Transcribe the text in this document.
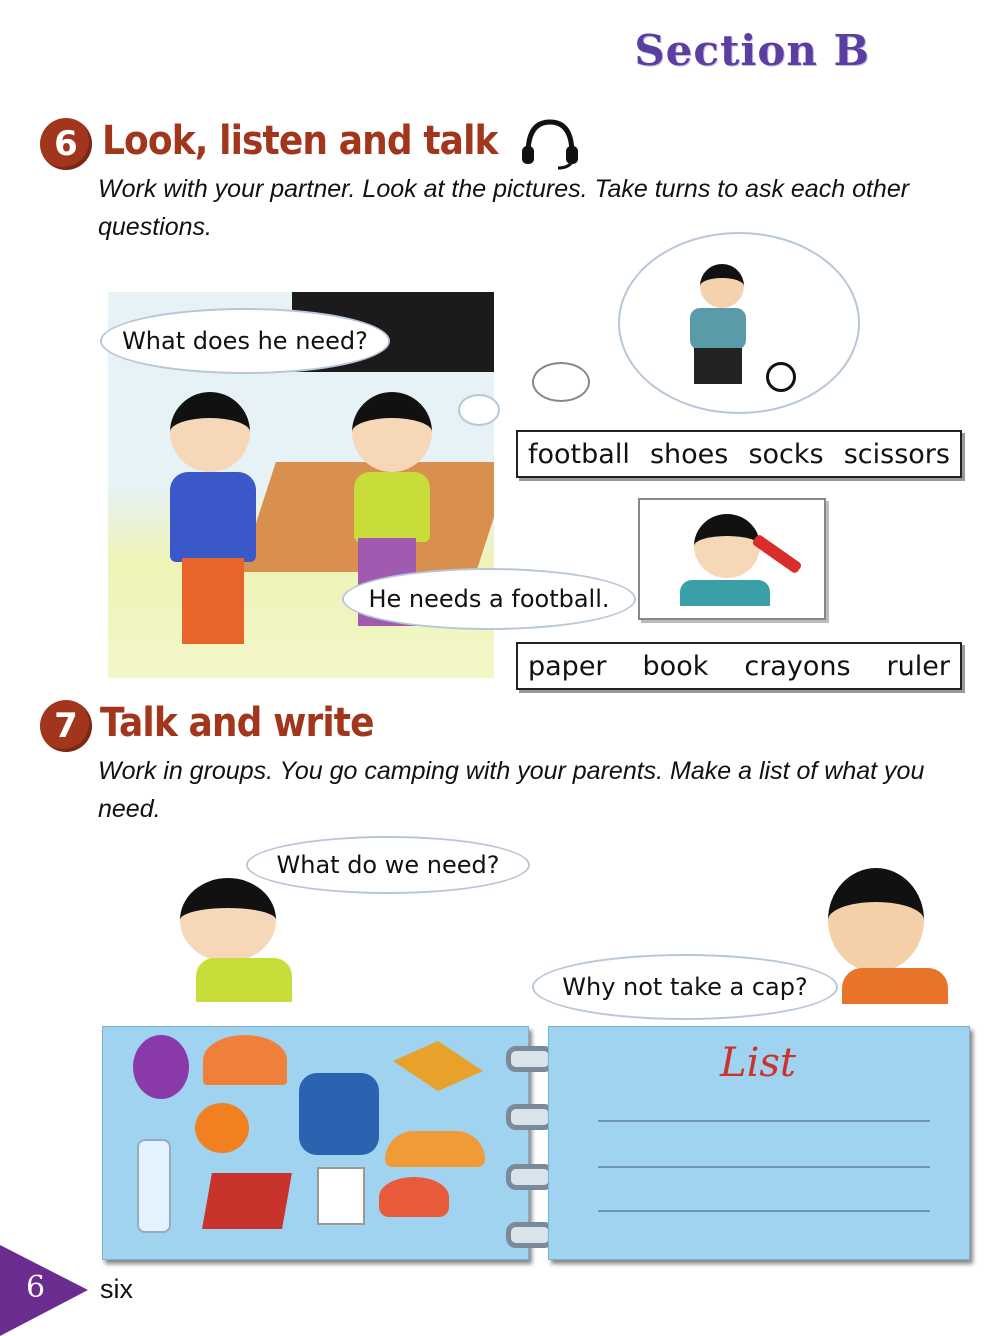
Section B
6 Look, listen and talk
Work with your partner. Look at the pictures. Take turns to ask each other questions.
What does he need?
He needs a football.
football shoes socks scissors
paper book crayons ruler
7 Talk and write
Work in groups. You go camping with your parents. Make a list of what you need.
What do we need?
Why not take a cap?
List
6 six
